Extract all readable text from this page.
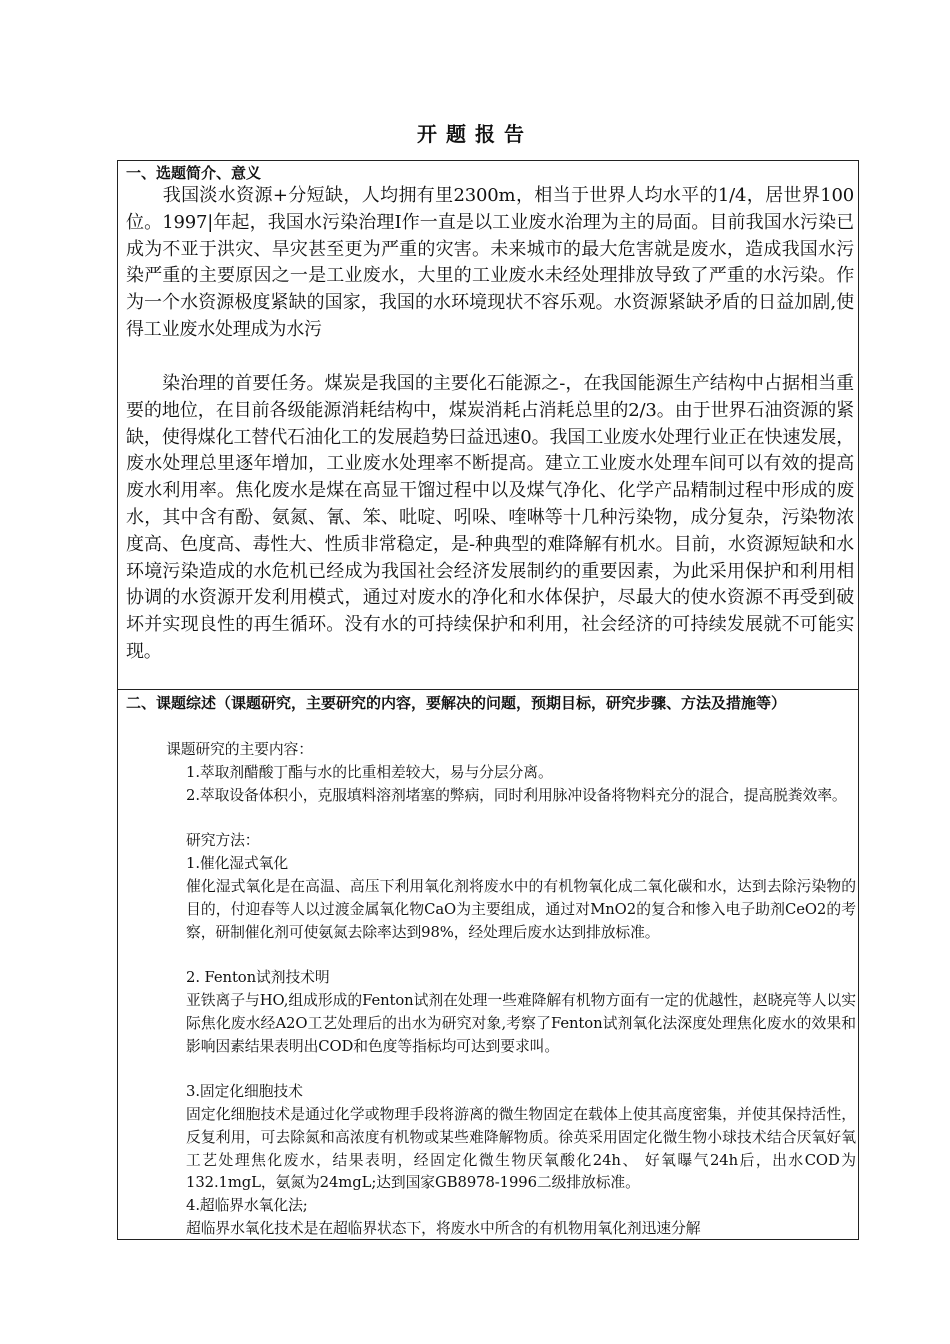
开题报告
一、选题简介、意义

　　我国淡水资源+分短缺，人均拥有里2300m，相当于世界人均水平的1/4，居世界100位。1997|年起，我国水污染治理I作一直是以工业废水治理为主的局面。目前我国水污染已成为不亚于洪灾、旱灾甚至更为严重的灾害。未来城市的最大危害就是废水，造成我国水污染严重的主要原因之一是工业废水，大里的工业废水未经处理排放导致了严重的水污染。作为一个水资源极度紧缺的国家，我国的水环境现状不容乐观。水资源紧缺矛盾的日益加剧,使得工业废水处理成为水污

　　染治理的首要任务。煤炭是我国的主要化石能源之-，在我国能源生产结构中占据相当重要的地位，在目前各级能源消耗结构中，煤炭消耗占消耗总里的2/3。由于世界石油资源的紧缺，使得煤化工替代石油化工的发展趋势曰益迅速0。我国工业废水处理行业正在快速发展，废水处理总里逐年增加，工业废水处理率不断提高。建立工业废水处理车间可以有效的提高废水利用率。焦化废水是煤在高显干馏过程中以及煤气净化、化学产品精制过程中形成的废水，其中含有酚、氨氮、氰、笨、吡啶、吲哚、喹啉等十几种污染物，成分复杂，污染物浓度高、色度高、毒性大、性质非常稳定，是-种典型的难降解有机水。目前，水资源短缺和水环境污染造成的水危机已经成为我国社会经济发展制约的重要因素，为此采用保护和利用相协调的水资源开发利用模式，通过对废水的净化和水体保护，尽最大的使水资源不再受到破坏并实现良性的再生循环。没有水的可持续保护和利用，社会经济的可持续发展就不可能实现。

二、课题综述（课题研究，主要研究的内容，要解决的问题，预期目标，研究步骤、方法及措施等）

课题研究的主要内容：

1.萃取剂醋酸丁酯与水的比重相差较大，易与分层分离。

2.萃取设备体积小，克服填料溶剂堵塞的弊病，同时利用脉冲设备将物料充分的混合，提高脱粪效率。

研究方法：

1.催化湿式氧化

催化湿式氧化是在高温、高压下利用氧化剂将废水中的有机物氧化成二氧化碳和水，达到去除污染物的目的，付迎春等人以过渡金属氧化物CaO为主要组成，通过对MnO2的复合和惨入电子助剂CeO2的考察，研制催化剂可使氨氮去除率达到98%，经处理后废水达到排放标准。

2. Fenton试剂技术明

亚铁离子与HO,组成形成的Fenton试剂在处理一些难降解有机物方面有一定的优越性，赵晓亮等人以实际焦化废水经A2O工艺处理后的出水为研究对象,考察了Fenton试剂氧化法深度处理焦化废水的效果和影响因素结果表明出COD和色度等指标均可达到要求叫。

3.固定化细胞技术

固定化细胞技术是通过化学或物理手段将游离的微生物固定在载体上使其高度密集，并使其保持活性，反复利用，可去除氮和高浓度有机物或某些难降解物质。徐英采用固定化微生物小球技术结合厌氧好氧工艺处理焦化废水，结果表明，经固定化微生物厌氧酸化24h、 好氧曝气24h后，出水COD为132.1mgL，氨氮为24mgL;达到国家GB8978-1996二级排放标准。

4.超临界水氧化法;

超临界水氧化技术是在超临界状态下，将废水中所含的有机物用氧化剂迅速分解
